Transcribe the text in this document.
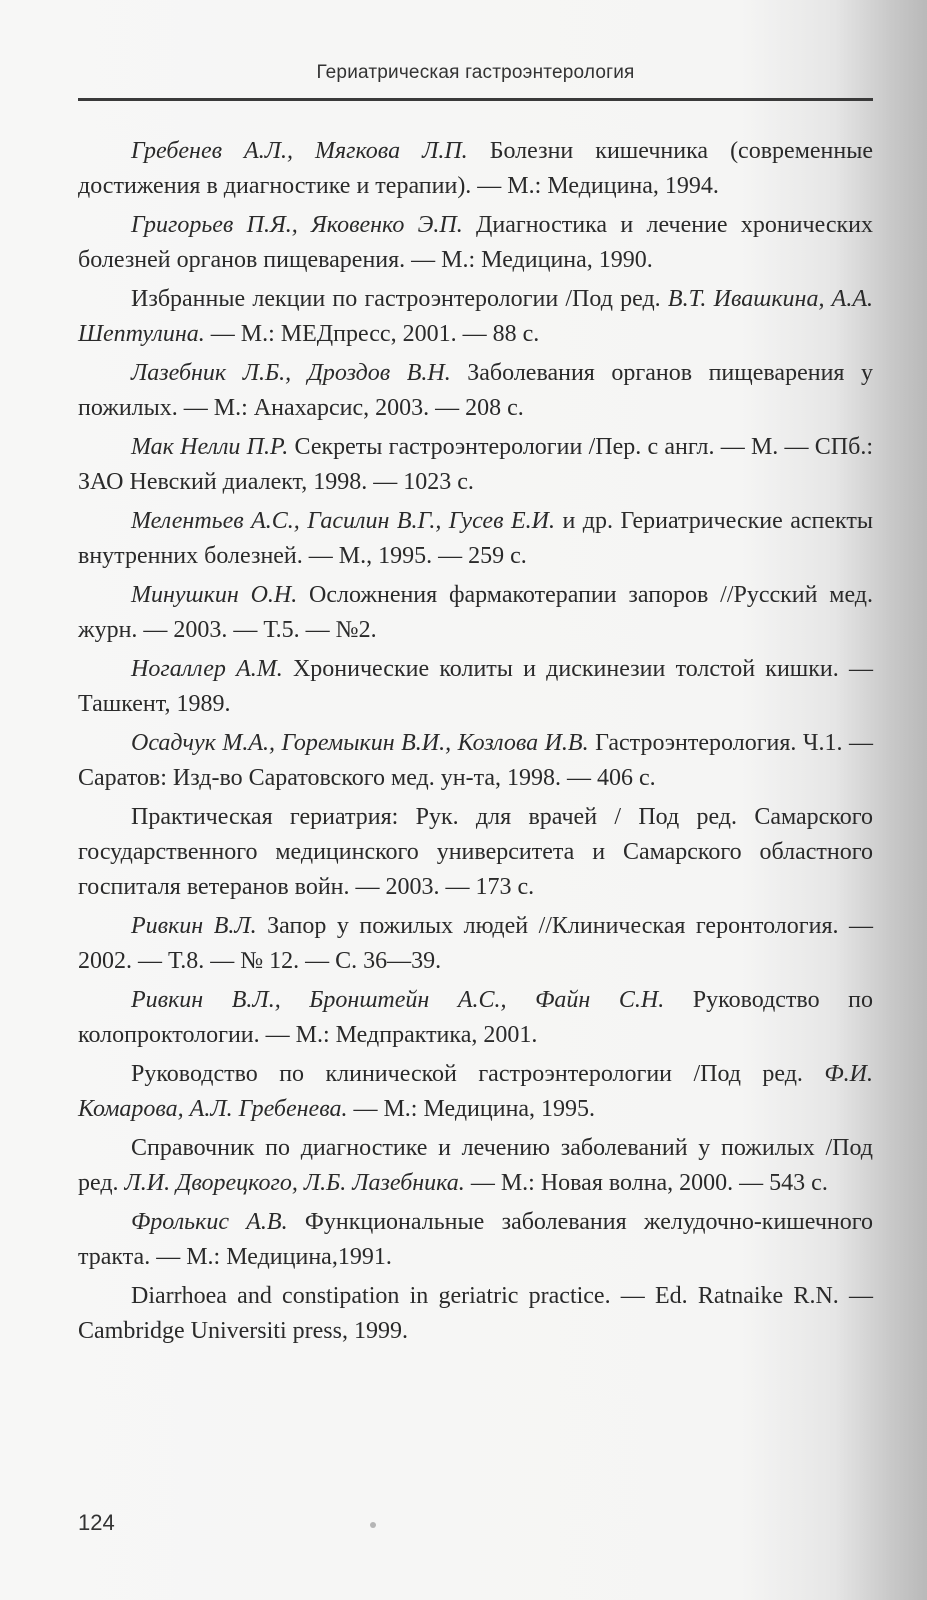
Гериатрическая гастроэнтерология

Гребенев А.Л., Мягкова Л.П. Болезни кишечника (современные достижения в диагностике и терапии). — М.: Медицина, 1994.

Григорьев П.Я., Яковенко Э.П. Диагностика и лечение хронических болезней органов пищеварения. — М.: Медицина, 1990.

Избранные лекции по гастроэнтерологии /Под ред. В.Т. Ивашкина, А.А. Шептулина. — М.: МЕДпресс, 2001. — 88 с.

Лазебник Л.Б., Дроздов В.Н. Заболевания органов пищеварения у пожилых. — М.: Анахарсис, 2003. — 208 с.

Мак Нелли П.Р. Секреты гастроэнтерологии /Пер. с англ. — М. — СПб.: ЗАО Невский диалект, 1998. — 1023 с.

Мелентьев А.С., Гасилин В.Г., Гусев Е.И. и др. Гериатрические аспекты внутренних болезней. — М., 1995. — 259 с.

Минушкин О.Н. Осложнения фармакотерапии запоров //Русский мед. журн. — 2003. — Т.5. — №2.

Ногаллер А.М. Хронические колиты и дискинезии толстой кишки. — Ташкент, 1989.

Осадчук М.А., Горемыкин В.И., Козлова И.В. Гастроэнтерология. Ч.1. — Саратов: Изд-во Саратовского мед. ун-та, 1998. — 406 с.

Практическая гериатрия: Рук. для врачей / Под ред. Самарского государственного медицинского университета и Самарского областного госпиталя ветеранов войн. — 2003. — 173 с.

Ривкин В.Л. Запор у пожилых людей //Клиническая геронтология. — 2002. — Т.8. — № 12. — С. 36—39.

Ривкин В.Л., Бронштейн А.С., Файн С.Н. Руководство по колопроктологии. — М.: Медпрактика, 2001.

Руководство по клинической гастроэнтерологии /Под ред. Ф.И. Комарова, А.Л. Гребенева. — М.: Медицина, 1995.

Справочник по диагностике и лечению заболеваний у пожилых /Под ред. Л.И. Дворецкого, Л.Б. Лазебника. — М.: Новая волна, 2000. — 543 с.

Фролькис А.В. Функциональные заболевания желудочно-кишечного тракта. — М.: Медицина,1991.

Diarrhoea and constipation in geriatric practice. — Ed. Ratnaike R.N. — Cambridge Universiti press, 1999.

124
